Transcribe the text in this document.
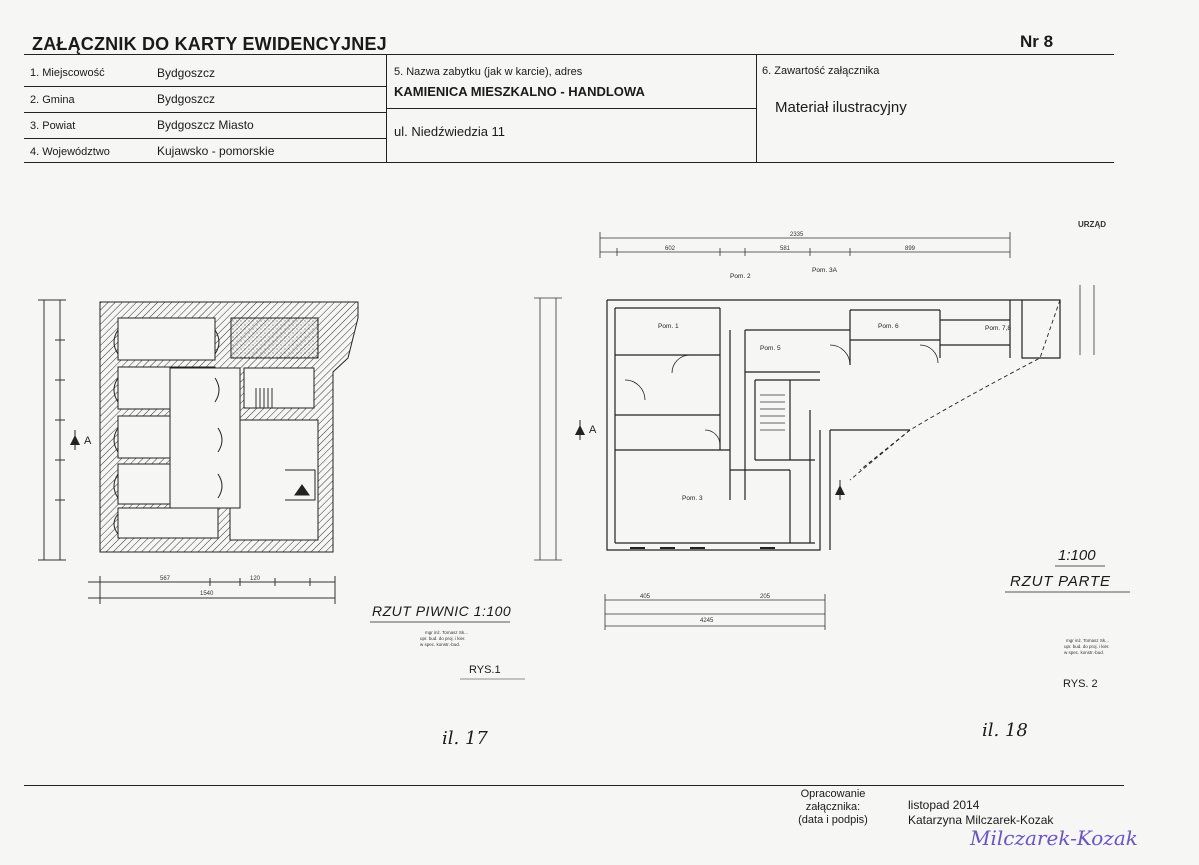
ZAŁĄCZNIK DO KARTY EWIDENCYJNEJ	Nr 8
1. Miejscowość	Bydgoszcz
2. Gmina	Bydgoszcz
3. Powiat	Bydgoszcz Miasto
4. Województwo	Kujawsko - pomorskie
5. Nazwa zabytku (jak w karcie), adres
KAMIENICA MIESZKALNO - HANDLOWA
ul. Niedźwiedzia 11
6. Zawartość załącznika
Materiał ilustracyjny
567	120
1540
A
2335
602	581	899
4245
405	205
Pom. 2
Pom. 3A
Pom. 1	Pom. 6	Pom. 7,8
Pom. 5
Pom. 3
A
mgr inż. Tomasz Sk...
upr. bud. do proj. i kier.
w spec. konstr.-bud.
mgr inż. Tomasz Sk...
upr. bud. do proj. i kier.
w spec. konstr.-bud.
RZUT PIWNIC 1:100
RYS.1
il. 17
1:100
RZUT PARTE
RYS. 2
il. 18
URZĄD
Opracowanie
załącznika:
(data i podpis)
listopad 2014
Katarzyna Milczarek-Kozak
Milczarek-Kozak
